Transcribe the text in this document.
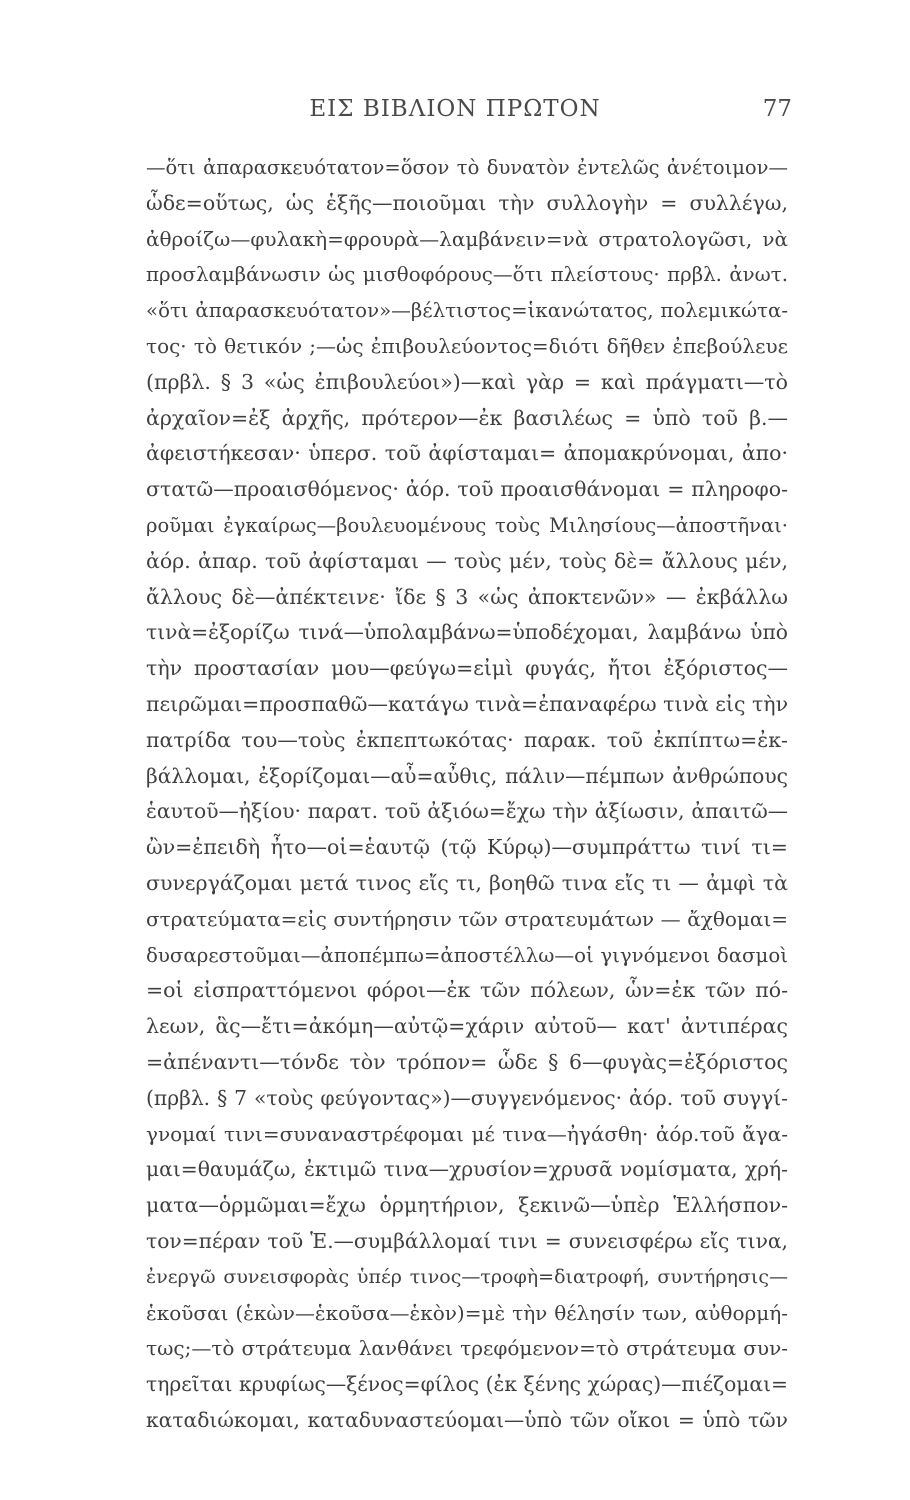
ΕΙΣ ΒΙΒΛΙΟΝ ΠΡΩΤΟΝ	77
—ὅτι ἀπαρασκευότατον=ὅσον τὸ δυνατὸν ἐντελῶς ἀνέτοιμον—
ὧδε=οὕτως, ὡς ἑξῆς—ποιοῦμαι τὴν συλλογὴν = συλλέγω,
ἀθροίζω—φυλακὴ=φρουρὰ—λαμβάνειν=νὰ στρατολογῶσι, νὰ
προσλαμβάνωσιν ὡς μισθοφόρους—ὅτι πλείστους· πρβλ. ἀνωτ.
«ὅτι ἀπαρασκευότατον»—βέλτιστος=ἱκανώτατος, πολεμικώτα-
τος· τὸ θετικόν ;—ὡς ἐπιβουλεύοντος=διότι δῆθεν ἐπεβούλευε
(πρβλ. § 3 «ὡς ἐπιβουλεύοι»)—καὶ γὰρ = καὶ πράγματι—τὸ
ἀρχαῖον=ἐξ ἀρχῆς, πρότερον—ἐκ βασιλέως = ὑπὸ τοῦ β.—
ἀφειστήκεσαν· ὑπερσ. τοῦ ἀφίσταμαι= ἀπομακρύνομαι, ἀπο·
στατῶ—προαισθόμενος· ἀόρ. τοῦ προαισθάνομαι = πληροφο-
ροῦμαι ἐγκαίρως—βουλευομένους τοὺς Μιλησίους—ἀποστῆναι·
ἀόρ. ἀπαρ. τοῦ ἀφίσταμαι — τοὺς μέν, τοὺς δὲ= ἄλλους μέν,
ἄλλους δὲ—ἀπέκτεινε· ἴδε § 3 «ὡς ἀποκτενῶν» — ἐκβάλλω
τινὰ=ἐξορίζω τινά—ὑπολαμβάνω=ὑποδέχομαι, λαμβάνω ὑπὸ
τὴν προστασίαν μου—φεύγω=εἰμὶ φυγάς, ἤτοι ἐξόριστος—
πειρῶμαι=προσπαθῶ—κατάγω τινὰ=ἐπαναφέρω τινὰ εἰς τὴν
πατρίδα του—τοὺς ἐκπεπτωκότας· παρακ. τοῦ ἐκπίπτω=ἐκ-
βάλλομαι, ἐξορίζομαι—αὖ=αὖθις, πάλιν—πέμπων ἀνθρώπους
ἑαυτοῦ—ἠξίου· παρατ. τοῦ ἀξιόω=ἔχω τὴν ἀξίωσιν, ἀπαιτῶ—
ὢν=ἐπειδὴ ἦτο—οἱ=ἑαυτῷ (τῷ Κύρῳ)—συμπράττω τινί τι=
συνεργάζομαι μετά τινος εἴς τι, βοηθῶ τινα εἴς τι — ἀμφὶ τὰ
στρατεύματα=εἰς συντήρησιν τῶν στρατευμάτων — ἄχθομαι=
δυσαρεστοῦμαι—ἀποπέμπω=ἀποστέλλω—οἱ γιγνόμενοι δασμοὶ
=οἱ εἰσπραττόμενοι φόροι—ἐκ τῶν πόλεων, ὧν=ἐκ τῶν πό-
λεων, ἃς—ἔτι=ἀκόμη—αὐτῷ=χάριν αὐτοῦ— κατ' ἀντιπέρας
=ἀπέναντι—τόνδε τὸν τρόπον= ὧδε § 6—φυγὰς=ἐξόριστος
(πρβλ. § 7 «τοὺς φεύγοντας»)—συγγενόμενος· ἀόρ. τοῦ συγγί-
γνομαί τινι=συναναστρέφομαι μέ τινα—ἠγάσθη· ἀόρ.τοῦ ἄγα-
μαι=θαυμάζω, ἐκτιμῶ τινα—χρυσίον=χρυσᾶ νομίσματα, χρή-
ματα—ὁρμῶμαι=ἔχω ὁρμητήριον, ξεκινῶ—ὑπὲρ Ἑλλήσπον-
τον=πέραν τοῦ Ἑ.—συμβάλλομαί τινι = συνεισφέρω εἴς τινα,
ἐνεργῶ συνεισφορὰς ὑπέρ τινος—τροφὴ=διατροφή, συντήρησις—
ἑκοῦσαι (ἑκὼν—ἑκοῦσα—ἑκὸν)=μὲ τὴν θέλησίν των, αὐθορμή-
τως;—τὸ στράτευμα λανθάνει τρεφόμενον=τὸ στράτευμα συν-
τηρεῖται κρυφίως—ξένος=φίλος (ἐκ ξένης χώρας)—πιέζομαι=
καταδιώκομαι, καταδυναστεύομαι—ὑπὸ τῶν οἴκοι = ὑπὸ τῶν
